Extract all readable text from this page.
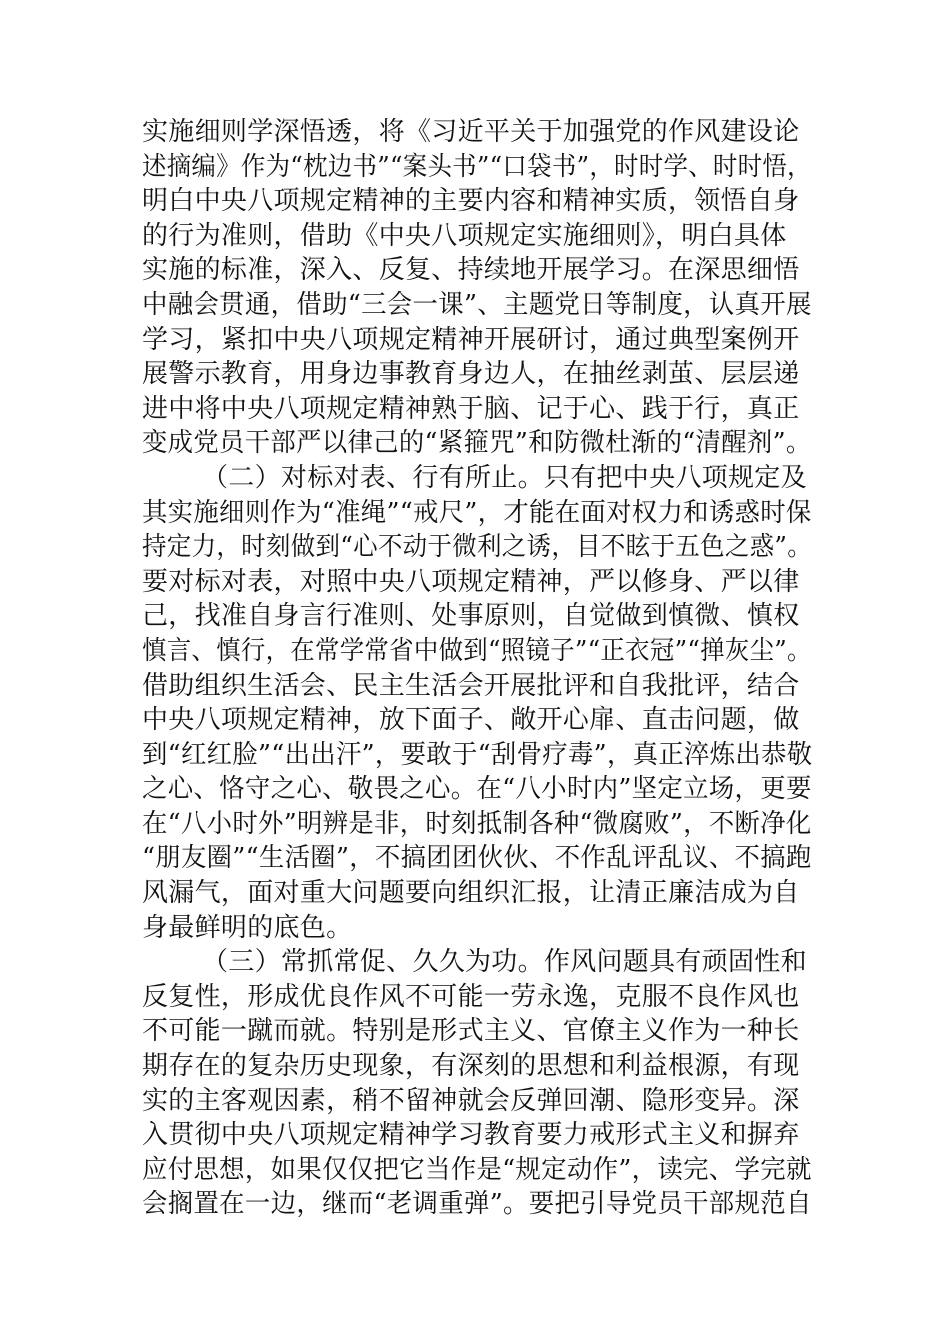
实施细则学深悟透，将《习近平关于加强党的作风建设论
述摘编》作为“枕边书”“案头书”“口袋书”，时时学、时时悟，
明白中央八项规定精神的主要内容和精神实质，领悟自身
的行为准则，借助《中央八项规定实施细则》，明白具体
实施的标准，深入、反复、持续地开展学习。在深思细悟
中融会贯通，借助“三会一课”、主题党日等制度，认真开展
学习，紧扣中央八项规定精神开展研讨，通过典型案例开
展警示教育，用身边事教育身边人，在抽丝剥茧、层层递
进中将中央八项规定精神熟于脑、记于心、践于行，真正
变成党员干部严以律己的“紧箍咒”和防微杜渐的“清醒剂”。
（二）对标对表、行有所止。只有把中央八项规定及
其实施细则作为“准绳”“戒尺”，才能在面对权力和诱惑时保
持定力，时刻做到“心不动于微利之诱，目不眩于五色之惑”。
要对标对表，对照中央八项规定精神，严以修身、严以律
己，找准自身言行准则、处事原则，自觉做到慎微、慎权
慎言、慎行，在常学常省中做到“照镜子”“正衣冠”“掸灰尘”。
借助组织生活会、民主生活会开展批评和自我批评，结合
中央八项规定精神，放下面子、敞开心扉、直击问题，做
到“红红脸”“出出汗”，要敢于“刮骨疗毒”，真正淬炼出恭敬
之心、恪守之心、敬畏之心。在“八小时内”坚定立场，更要
在“八小时外”明辨是非，时刻抵制各种“微腐败”，不断净化
“朋友圈”“生活圈”，不搞团团伙伙、不作乱评乱议、不搞跑
风漏气，面对重大问题要向组织汇报，让清正廉洁成为自
身最鲜明的底色。
（三）常抓常促、久久为功。作风问题具有顽固性和
反复性，形成优良作风不可能一劳永逸，克服不良作风也
不可能一蹴而就。特别是形式主义、官僚主义作为一种长
期存在的复杂历史现象，有深刻的思想和利益根源，有现
实的主客观因素，稍不留神就会反弹回潮、隐形变异。深
入贯彻中央八项规定精神学习教育要力戒形式主义和摒弃
应付思想，如果仅仅把它当作是“规定动作”，读完、学完就
会搁置在一边，继而“老调重弹”。要把引导党员干部规范自
